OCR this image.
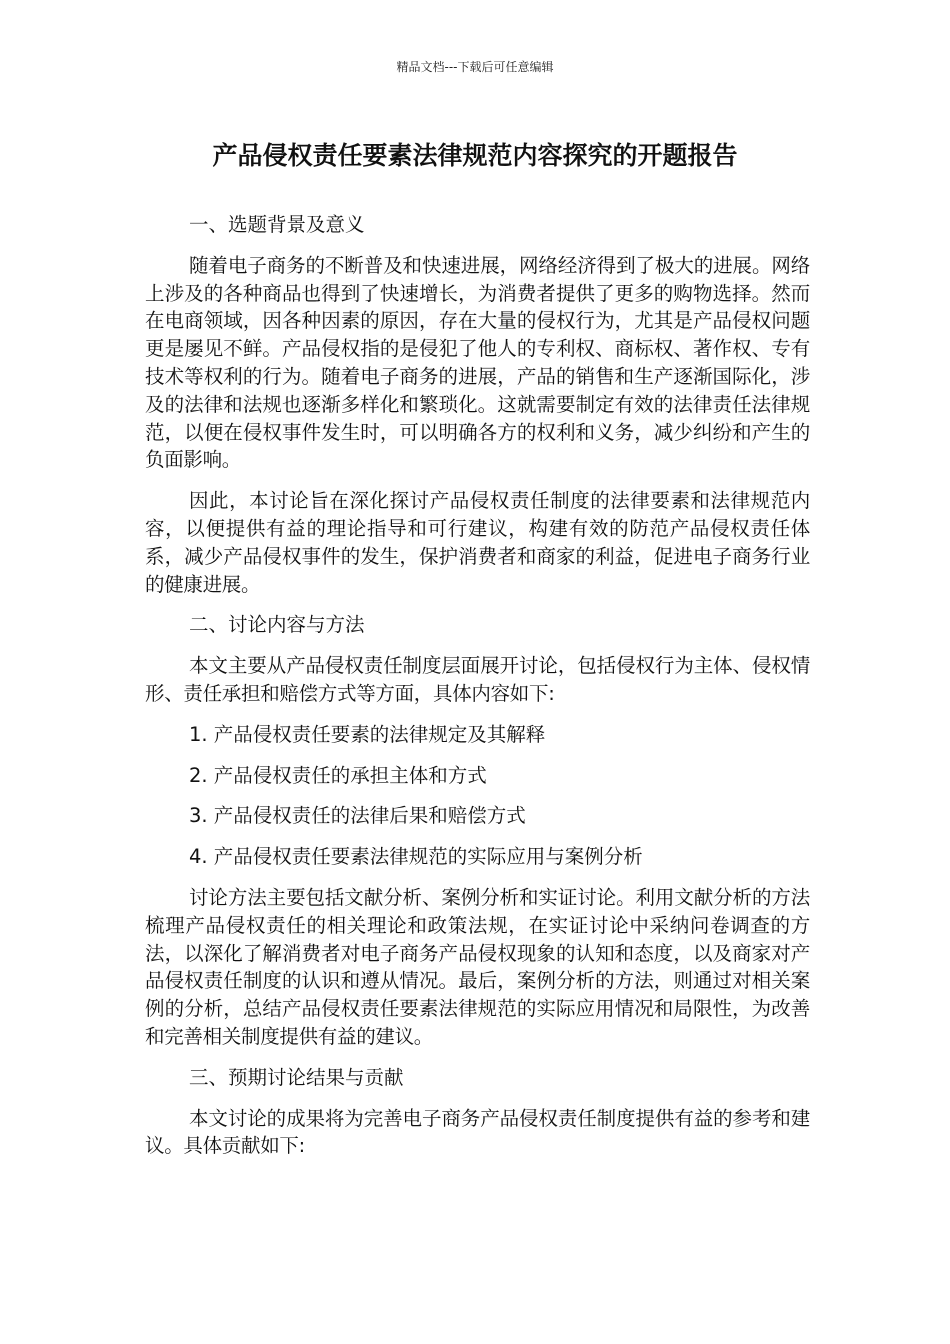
精品文档---下载后可任意编辑
产品侵权责任要素法律规范内容探究的开题报告

一、选题背景及意义

随着电子商务的不断普及和快速进展，网络经济得到了极大的进展。网络上涉及的各种商品也得到了快速增长，为消费者提供了更多的购物选择。然而在电商领域，因各种因素的原因，存在大量的侵权行为，尤其是产品侵权问题更是屡见不鲜。产品侵权指的是侵犯了他人的专利权、商标权、著作权、专有技术等权利的行为。随着电子商务的进展，产品的销售和生产逐渐国际化，涉及的法律和法规也逐渐多样化和繁琐化。这就需要制定有效的法律责任法律规范，以便在侵权事件发生时，可以明确各方的权利和义务，减少纠纷和产生的负面影响。

因此，本讨论旨在深化探讨产品侵权责任制度的法律要素和法律规范内容，以便提供有益的理论指导和可行建议，构建有效的防范产品侵权责任体系，减少产品侵权事件的发生，保护消费者和商家的利益，促进电子商务行业的健康进展。

二、讨论内容与方法

本文主要从产品侵权责任制度层面展开讨论，包括侵权行为主体、侵权情形、责任承担和赔偿方式等方面，具体内容如下:

1. 产品侵权责任要素的法律规定及其解释

2. 产品侵权责任的承担主体和方式

3. 产品侵权责任的法律后果和赔偿方式

4. 产品侵权责任要素法律规范的实际应用与案例分析

讨论方法主要包括文献分析、案例分析和实证讨论。利用文献分析的方法梳理产品侵权责任的相关理论和政策法规，在实证讨论中采纳问卷调查的方法，以深化了解消费者对电子商务产品侵权现象的认知和态度，以及商家对产品侵权责任制度的认识和遵从情况。最后，案例分析的方法，则通过对相关案例的分析，总结产品侵权责任要素法律规范的实际应用情况和局限性，为改善和完善相关制度提供有益的建议。

三、预期讨论结果与贡献

本文讨论的成果将为完善电子商务产品侵权责任制度提供有益的参考和建议。具体贡献如下:
